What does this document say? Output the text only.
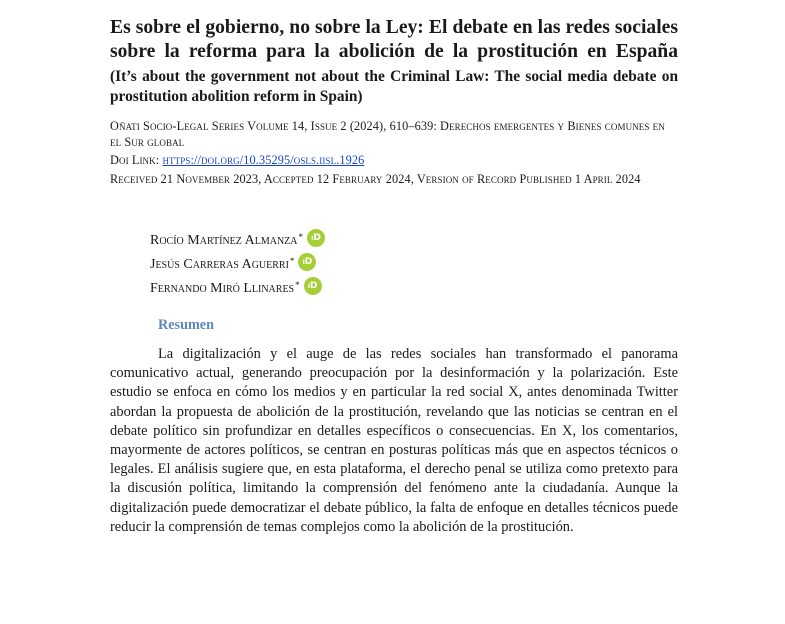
Es sobre el gobierno, no sobre la Ley: El debate en las redes sociales sobre la reforma para la abolición de la prostitución en España

(It’s about the government not about the Criminal Law: The social media debate on prostitution abolition reform in Spain)

Oñati Socio-Legal Series Volume 14, Issue 2 (2024), 610–639: Derechos emergentes y Bienes comunes en el Sur global

Doi Link: https://doi.org/10.35295/osls.iisl.1926

Received 21 November 2023, Accepted 12 February 2024, Version of Record Published 1 April 2024

Rocío Martínez Almanza* iD
Jesús Carreras Aguerri* iD
Fernando Miró Llinares* iD
Resumen

La digitalización y el auge de las redes sociales han transformado el panorama comunicativo actual, generando preocupación por la desinformación y la polarización. Este estudio se enfoca en cómo los medios y en particular la red social X, antes denominada Twitter abordan la propuesta de abolición de la prostitución, revelando que las noticias se centran en el debate político sin profundizar en detalles específicos o consecuencias. En X, los comentarios, mayormente de actores políticos, se centran en posturas políticas más que en aspectos técnicos o legales. El análisis sugiere que, en esta plataforma, el derecho penal se utiliza como pretexto para la discusión política, limitando la comprensión del fenómeno ante la ciudadanía. Aunque la digitalización puede democratizar el debate público, la falta de enfoque en detalles técnicos puede reducir la comprensión de temas complejos como la abolición de la prostitución.
